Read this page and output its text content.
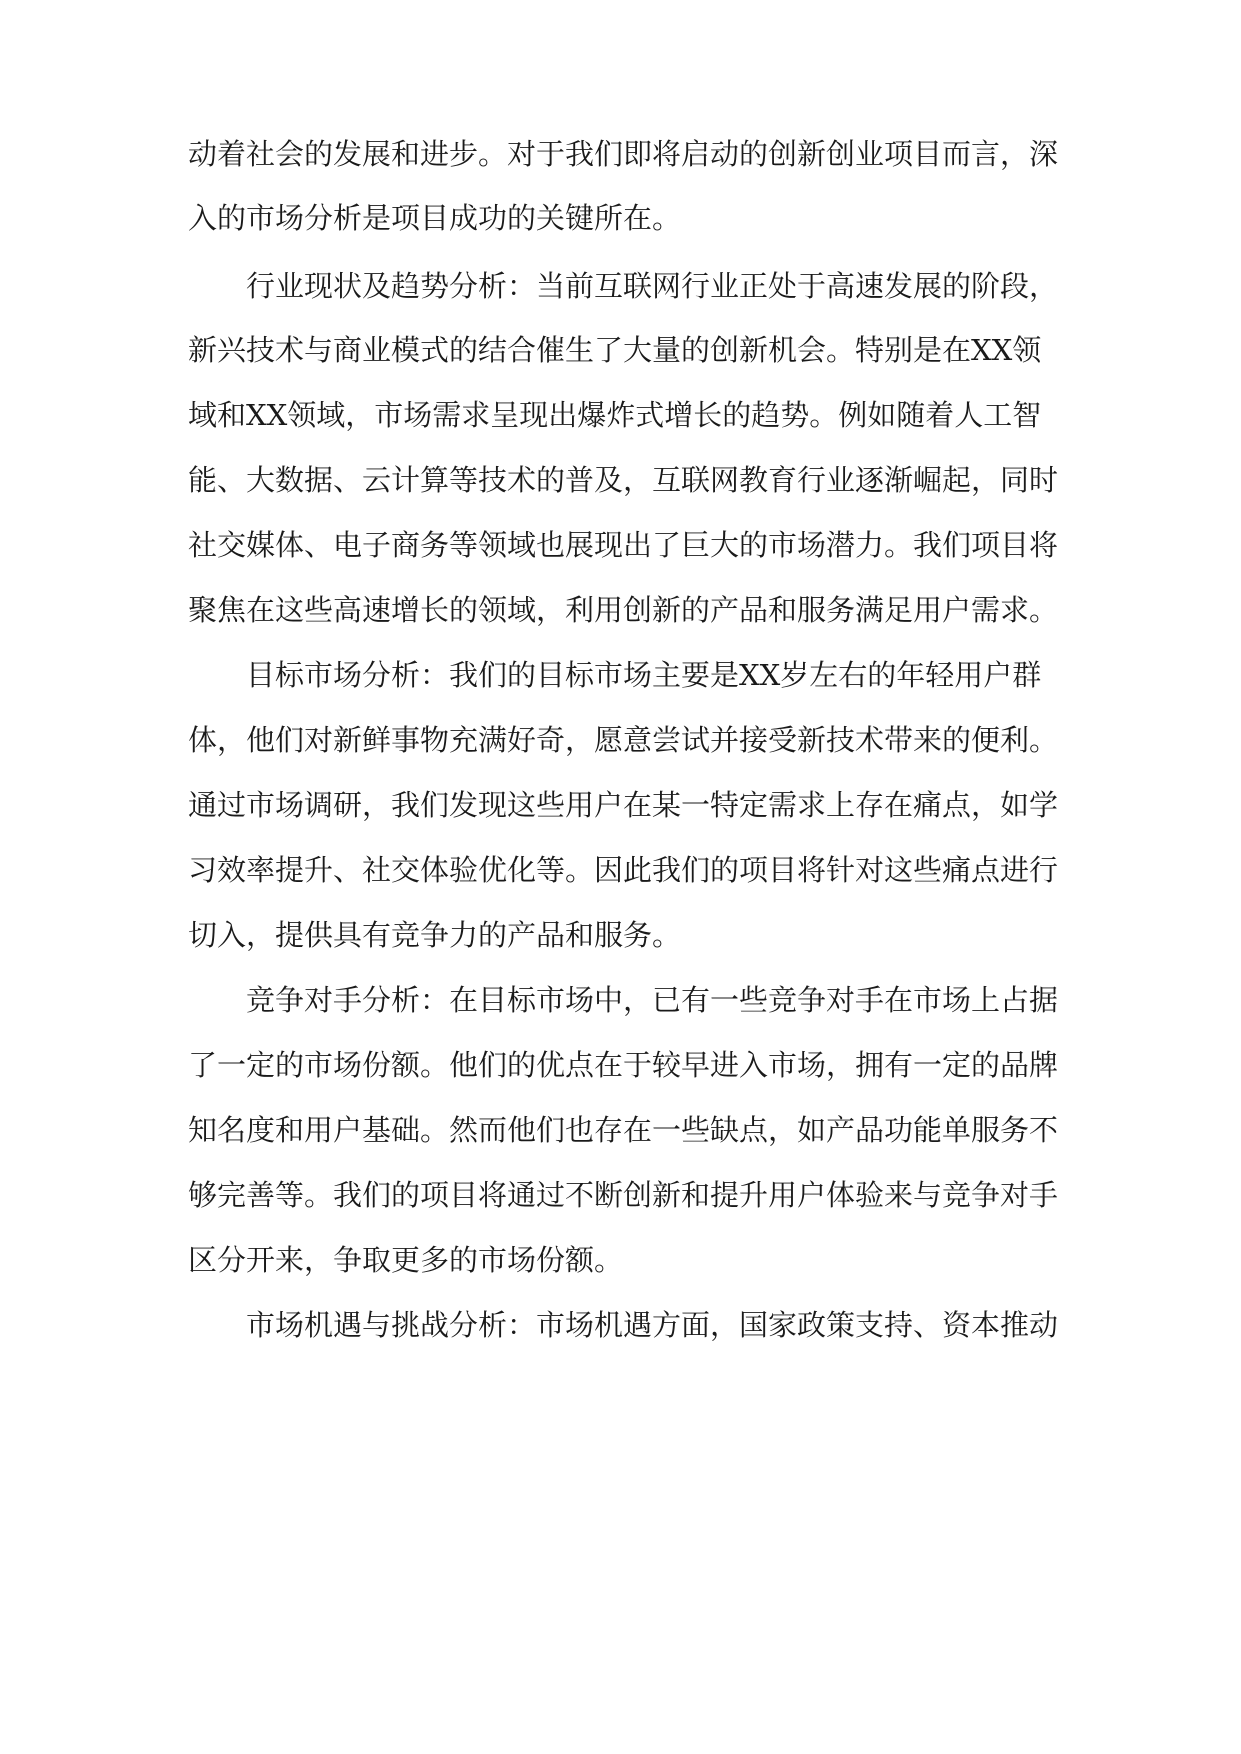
动着社会的发展和进步。对于我们即将启动的创新创业项目而言，深
入的市场分析是项目成功的关键所在。
行业现状及趋势分析：当前互联网行业正处于高速发展的阶段，
新兴技术与商业模式的结合催生了大量的创新机会。特别是在XX领
域和XX领域，市场需求呈现出爆炸式增长的趋势。例如随着人工智
能、大数据、云计算等技术的普及，互联网教育行业逐渐崛起，同时
社交媒体、电子商务等领域也展现出了巨大的市场潜力。我们项目将
聚焦在这些高速增长的领域，利用创新的产品和服务满足用户需求。
目标市场分析：我们的目标市场主要是XX岁左右的年轻用户群
体，他们对新鲜事物充满好奇，愿意尝试并接受新技术带来的便利。
通过市场调研，我们发现这些用户在某一特定需求上存在痛点，如学
习效率提升、社交体验优化等。因此我们的项目将针对这些痛点进行
切入，提供具有竞争力的产品和服务。
竞争对手分析：在目标市场中，已有一些竞争对手在市场上占据
了一定的市场份额。他们的优点在于较早进入市场，拥有一定的品牌
知名度和用户基础。然而他们也存在一些缺点，如产品功能单服务不
够完善等。我们的项目将通过不断创新和提升用户体验来与竞争对手
区分开来，争取更多的市场份额。
市场机遇与挑战分析：市场机遇方面，国家政策支持、资本推动
